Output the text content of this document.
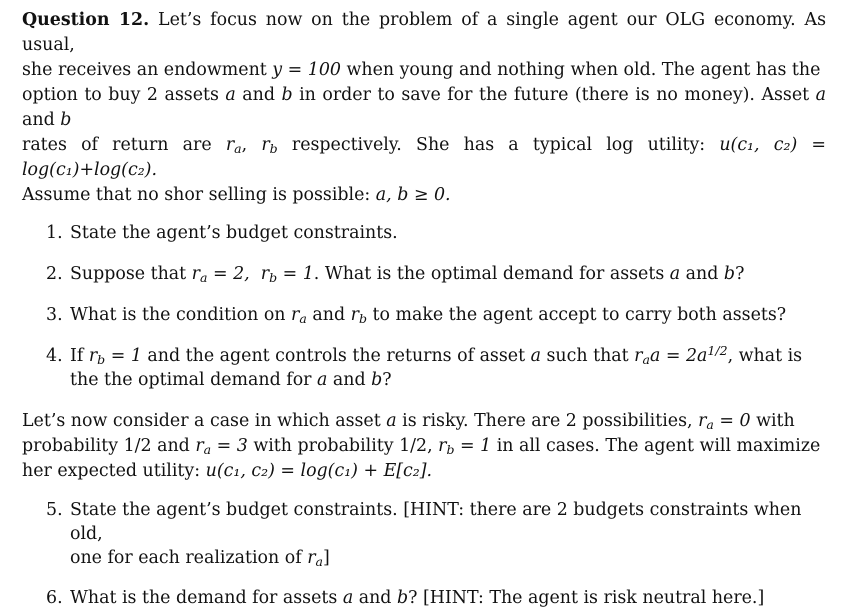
Question 12. Let’s focus now on the problem of a single agent our OLG economy. As usual,
she receives an endowment y = 100 when young and nothing when old. The agent has the
option to buy 2 assets a and b in order to save for the future (there is no money). Asset a and b
rates of return are $r_a$, $r_b$ respectively. She has a typical log utility: u(c₁, c₂) = log(c₁)+log(c₂).
Assume that no shor selling is possible: a, b ≥ 0.

1. State the agent’s budget constraints.
2. Suppose that $r_a = 2$,  $r_b = 1$. What is the optimal demand for assets a and b?
3. What is the condition on $r_a$ and $r_b$ to make the agent accept to carry both assets?
4. If $r_b = 1$ and the agent controls the returns of asset a such that $r_aa = 2a^{1/2}$, what is
the the optimal demand for a and b?

Let’s now consider a case in which asset a is risky. There are 2 possibilities, $r_a = 0$ with
probability 1/2 and $r_a = 3$ with probability 1/2, $r_b = 1$ in all cases. The agent will maximize
her expected utility: u(c₁, c₂) = log(c₁) + E[c₂].

5. State the agent’s budget constraints. [HINT: there are 2 budgets constraints when old,
one for each realization of $r_a$]
6. What is the demand for assets a and b? [HINT: The agent is risk neutral here.]
